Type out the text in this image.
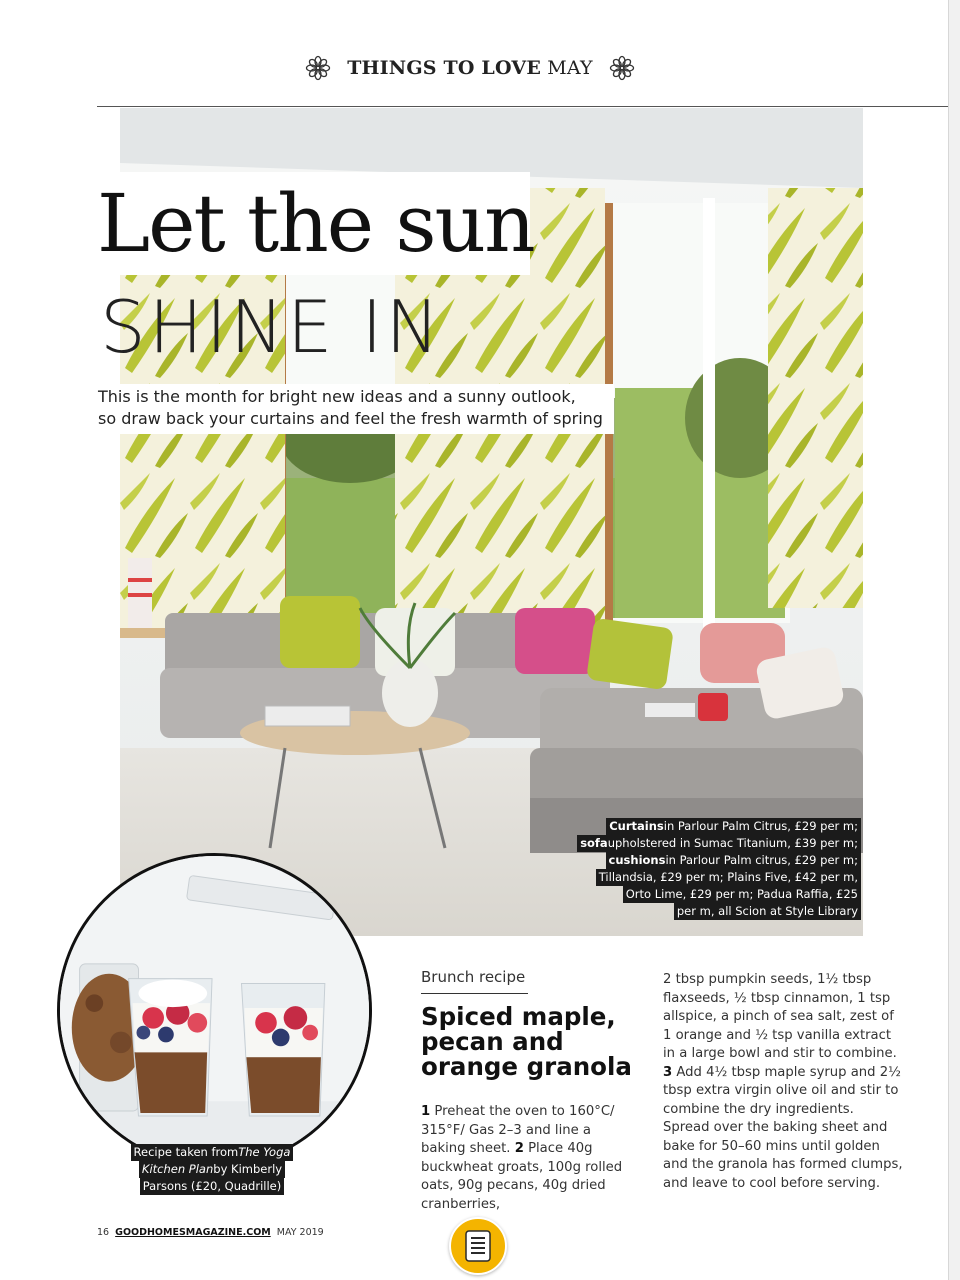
THINGS TO LOVE MAY
Let the sun
SHINE IN
This is the month for bright new ideas and a sunny outlook,
so draw back your curtains and feel the fresh warmth of spring
Curtainsin Parlour Palm Citrus, £29 per m;
sofaupholstered in Sumac Titanium, £39 per m;
cushionsin Parlour Palm citrus, £29 per m;
Tillandsia, £29 per m; Plains Five, £42 per m,
Orto Lime, £29 per m; Padua Raffia, £25
per m, all Scion at Style Library
Recipe taken fromThe Yoga
Kitchen Planby Kimberly
Parsons (£20, Quadrille)
Brunch recipe
Spiced maple, pecan and orange granola
1 Preheat the oven to 160°C/ 315°F/ Gas 2–3 and line a baking sheet. 2 Place 40g buckwheat groats, 100g rolled oats, 90g pecans, 40g dried cranberries,
2 tbsp pumpkin seeds, 1½ tbsp flaxseeds, ½ tbsp cinnamon, 1 tsp allspice, a pinch of sea salt, zest of 1 orange and ½ tsp vanilla extract in a large bowl and stir to combine. 3 Add 4½ tbsp maple syrup and 2½ tbsp extra virgin olive oil and stir to combine the dry ingredients. Spread over the baking sheet and bake for 50–60 mins until golden and the granola has formed clumps, and leave to cool before serving.
16 GOODHOMESMAGAZINE.COM MAY 2019
